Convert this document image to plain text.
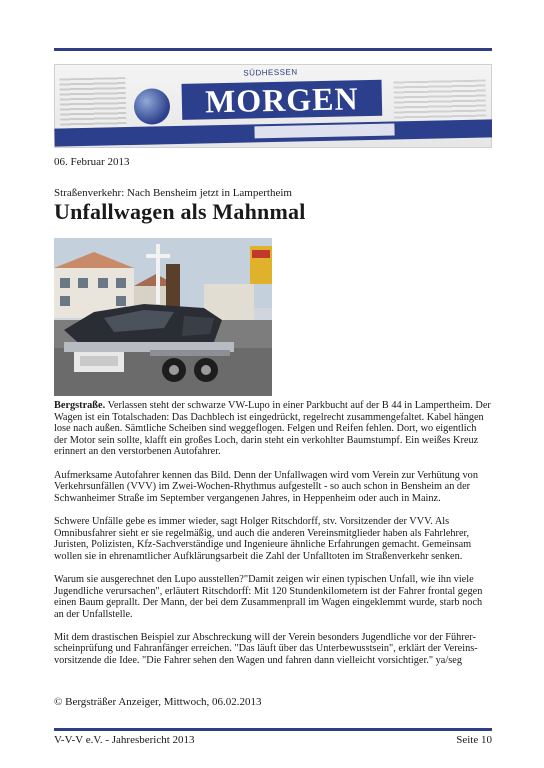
SÜDHESSEN
MORGEN
06. Februar 2013
Straßenverkehr: Nach Bensheim jetzt in Lampertheim
Unfallwagen als Mahnmal

Bergstraße. Verlassen steht der schwarze VW-Lupo in einer Parkbucht auf der B 44 in Lampertheim. Der Wagen ist ein Totalschaden: Das Dachblech ist eingedrückt, regelrecht zusammengefaltet. Kabel hängen lose nach außen. Sämtliche Scheiben sind weggeflogen. Felgen und Reifen fehlen. Dort, wo eigentlich der Motor sein sollte, klafft ein großes Loch, darin steht ein verkohlter Baumstumpf. Ein weißes Kreuz erinnert an den verstorbenen Autofahrer.

Aufmerksame Autofahrer kennen das Bild. Denn der Unfallwagen wird vom Verein zur Verhütung von Verkehrsunfällen (VVV) im Zwei-Wochen-Rhythmus aufgestellt - so auch schon in Bensheim an der Schwanheimer Straße im September vergangenen Jahres, in Heppenheim oder auch in Mainz.

Schwere Unfälle gebe es immer wieder, sagt Holger Ritschdorff, stv. Vorsitzender der VVV. Als Omnibusfahrer sieht er sie regelmäßig, und auch die anderen Vereinsmitglieder haben als Fahrlehrer, Juristen, Polizisten, Kfz-Sachverständige und Ingenieure ähnliche Erfahrungen gemacht. Gemeinsam wollen sie in ehrenamtlicher Aufklärungsarbeit die Zahl der Unfalltoten im Straßenverkehr senken.

Warum sie ausgerechnet den Lupo ausstellen?"Damit zeigen wir einen typischen Unfall, wie ihn viele Jugendliche verursachen", erläutert Ritschdorff: Mit 120 Stundenkilometern ist der Fahrer frontal gegen einen Baum geprallt. Der Mann, der bei dem Zusammenprall im Wagen eingeklemmt wurde, starb noch an der Unfallstelle.

Mit dem drastischen Beispiel zur Abschreckung will der Verein besonders Jugendliche vor der Führer-scheinprüfung und Fahranfänger erreichen. "Das läuft über das Unterbewusstsein", erklärt der Vereins-vorsitzende die Idee. "Die Fahrer sehen den Wagen und fahren dann vielleicht vorsichtiger." ya/seg

© Bergsträßer Anzeiger, Mittwoch, 06.02.2013
V-V-V e.V. - Jahresbericht 2013	Seite 10
